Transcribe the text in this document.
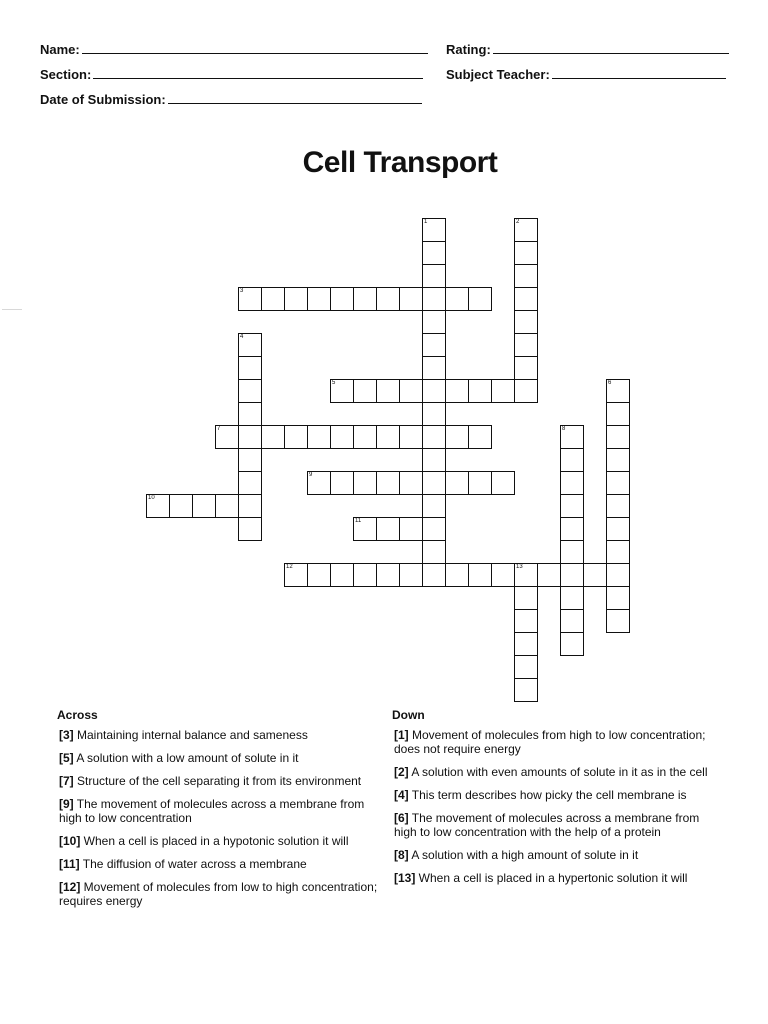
Name:
Section:
Date of Submission:
Rating:
Subject Teacher:
Cell Transport
1	2
3
4
5	6
7	8
9
10
11
12	13
Across
[3] Maintaining internal balance and sameness
[5] A solution with a low amount of solute in it
[7] Structure of the cell separating it from its environment
[9] The movement of molecules across a membrane from high to low concentration
[10] When a cell is placed in a hypotonic solution it will
[11] The diffusion of water across a membrane
[12] Movement of molecules from low to high concentration; requires energy
Down
[1] Movement of molecules from high to low concentration; does not require energy
[2] A solution with even amounts of solute in it as in the cell
[4] This term describes how picky the cell membrane is
[6] The movement of molecules across a membrane from high to low concentration with the help of a protein
[8] A solution with a high amount of solute in it
[13] When a cell is placed in a hypertonic solution it will
